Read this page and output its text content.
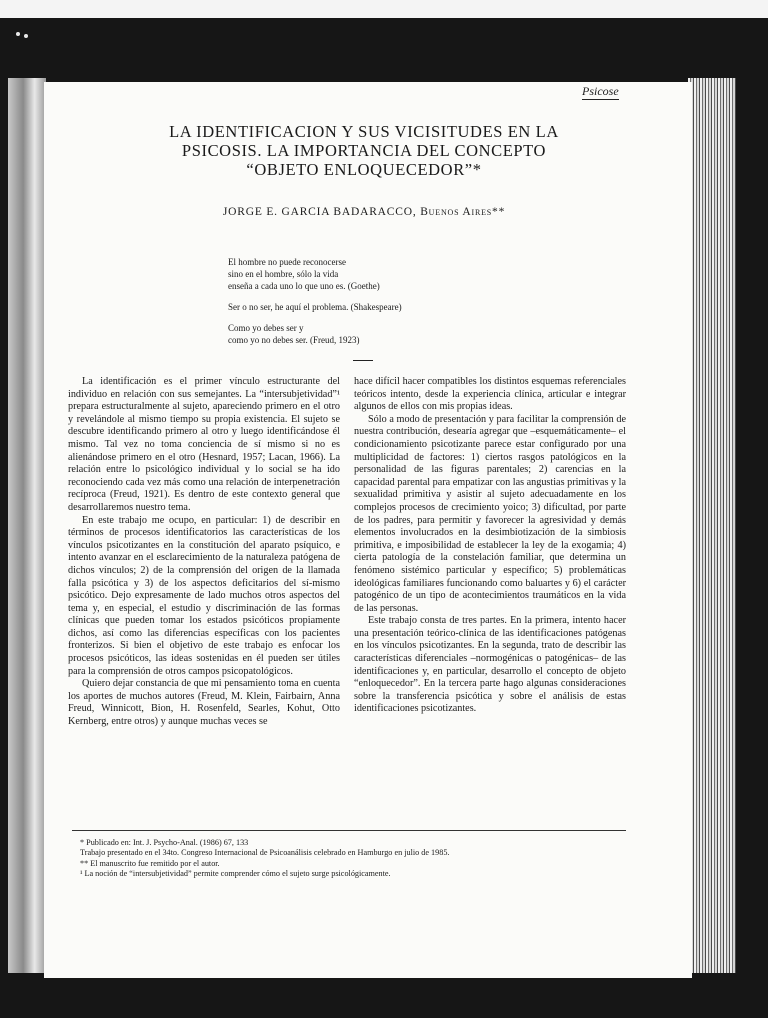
Psicose
LA IDENTIFICACION Y SUS VICISITUDES EN LA
PSICOSIS. LA IMPORTANCIA DEL CONCEPTO
“OBJETO ENLOQUECEDOR”*
JORGE E. GARCIA BADARACCO, Buenos Aires**

El hombre no puede reconocerse
sino en el hombre, sólo la vida
enseña a cada uno lo que uno es. (Goethe)

Ser o no ser, he aquí el problema. (Shakespeare)

Como yo debes ser y
como yo no debes ser. (Freud, 1923)

La identificación es el primer vínculo estructurante del individuo en relación con sus semejantes. La “intersubjetividad”¹ prepara estructuralmente al sujeto, apareciendo primero en el otro y revelándole al mismo tiempo su propia existencia. El sujeto se descubre identificando primero al otro y luego identificándose él mismo. Tal vez no toma conciencia de sí mismo si no es alienándose primero en el otro (Hesnard, 1957; Lacan, 1966). La relación entre lo psicológico individual y lo social se ha ido reconociendo cada vez más como una relación de interpenetración recíproca (Freud, 1921). Es dentro de este contexto general que desarrollaremos nuestro tema.

En este trabajo me ocupo, en particular: 1) de describir en términos de procesos identificatorios las características de los vínculos psicotizantes en la constitución del aparato psíquico, e intento avanzar en el esclarecimiento de la naturaleza patógena de dichos vínculos; 2) de la comprensión del origen de la llamada falla psicótica y 3) de los aspectos deficitarios del sí-mismo psicótico. Dejo expresamente de lado muchos otros aspectos del tema y, en especial, el estudio y discriminación de las formas clínicas que pueden tomar los estados psicóticos propiamente dichos, así como las diferencias específicas con los pacientes fronterizos. Si bien el objetivo de este trabajo es enfocar los procesos psicóticos, las ideas sostenidas en él pueden ser útiles para la comprensión de otros campos psicopatológicos.

Quiero dejar constancia de que mi pensamiento toma en cuenta los aportes de muchos autores (Freud, M. Klein, Fairbairn, Anna Freud, Winnicott, Bion, H. Rosenfeld, Searles, Kohut, Otto Kernberg, entre otros) y aunque muchas veces se

hace difícil hacer compatibles los distintos esquemas referenciales teóricos intento, desde la experiencia clínica, articular e integrar algunos de ellos con mis propias ideas.

Sólo a modo de presentación y para facilitar la comprensión de nuestra contribución, desearía agregar que –esquemáticamente– el condicionamiento psicotizante parece estar configurado por una multiplicidad de factores: 1) ciertos rasgos patológicos en la personalidad de las figuras parentales; 2) carencias en la capacidad parental para empatizar con las angustias primitivas y la sexualidad primitiva y asistir al sujeto adecuadamente en los complejos procesos de crecimiento yoico; 3) dificultad, por parte de los padres, para permitir y favorecer la agresividad y demás elementos involucrados en la desimbiotización de la simbiosis primitiva, e imposibilidad de establecer la ley de la exogamia; 4) cierta patología de la constelación familiar, que determina un fenómeno sistémico particular y específico; 5) problemáticas ideológicas familiares funcionando como baluartes y 6) el carácter patogénico de un tipo de acontecimientos traumáticos en la vida de las personas.

Este trabajo consta de tres partes. En la primera, intento hacer una presentación teórico-clínica de las identificaciones patógenas en los vínculos psicotizantes. En la segunda, trato de describir las características diferenciales –normogénicas o patogénicas– de las identificaciones y, en particular, desarrollo el concepto de objeto “enloquecedor”. En la tercera parte hago algunas consideraciones sobre la transferencia psicótica y sobre el análisis de estas identificaciones psicotizantes.

* Publicado en: Int. J. Psycho-Anal. (1986) 67, 133
Trabajo presentado en el 34to. Congreso Internacional de Psicoanálisis celebrado en Hamburgo en julio de 1985.
** El manuscrito fue remitido por el autor.
¹ La noción de “intersubjetividad” permite comprender cómo el sujeto surge psicológicamente.
